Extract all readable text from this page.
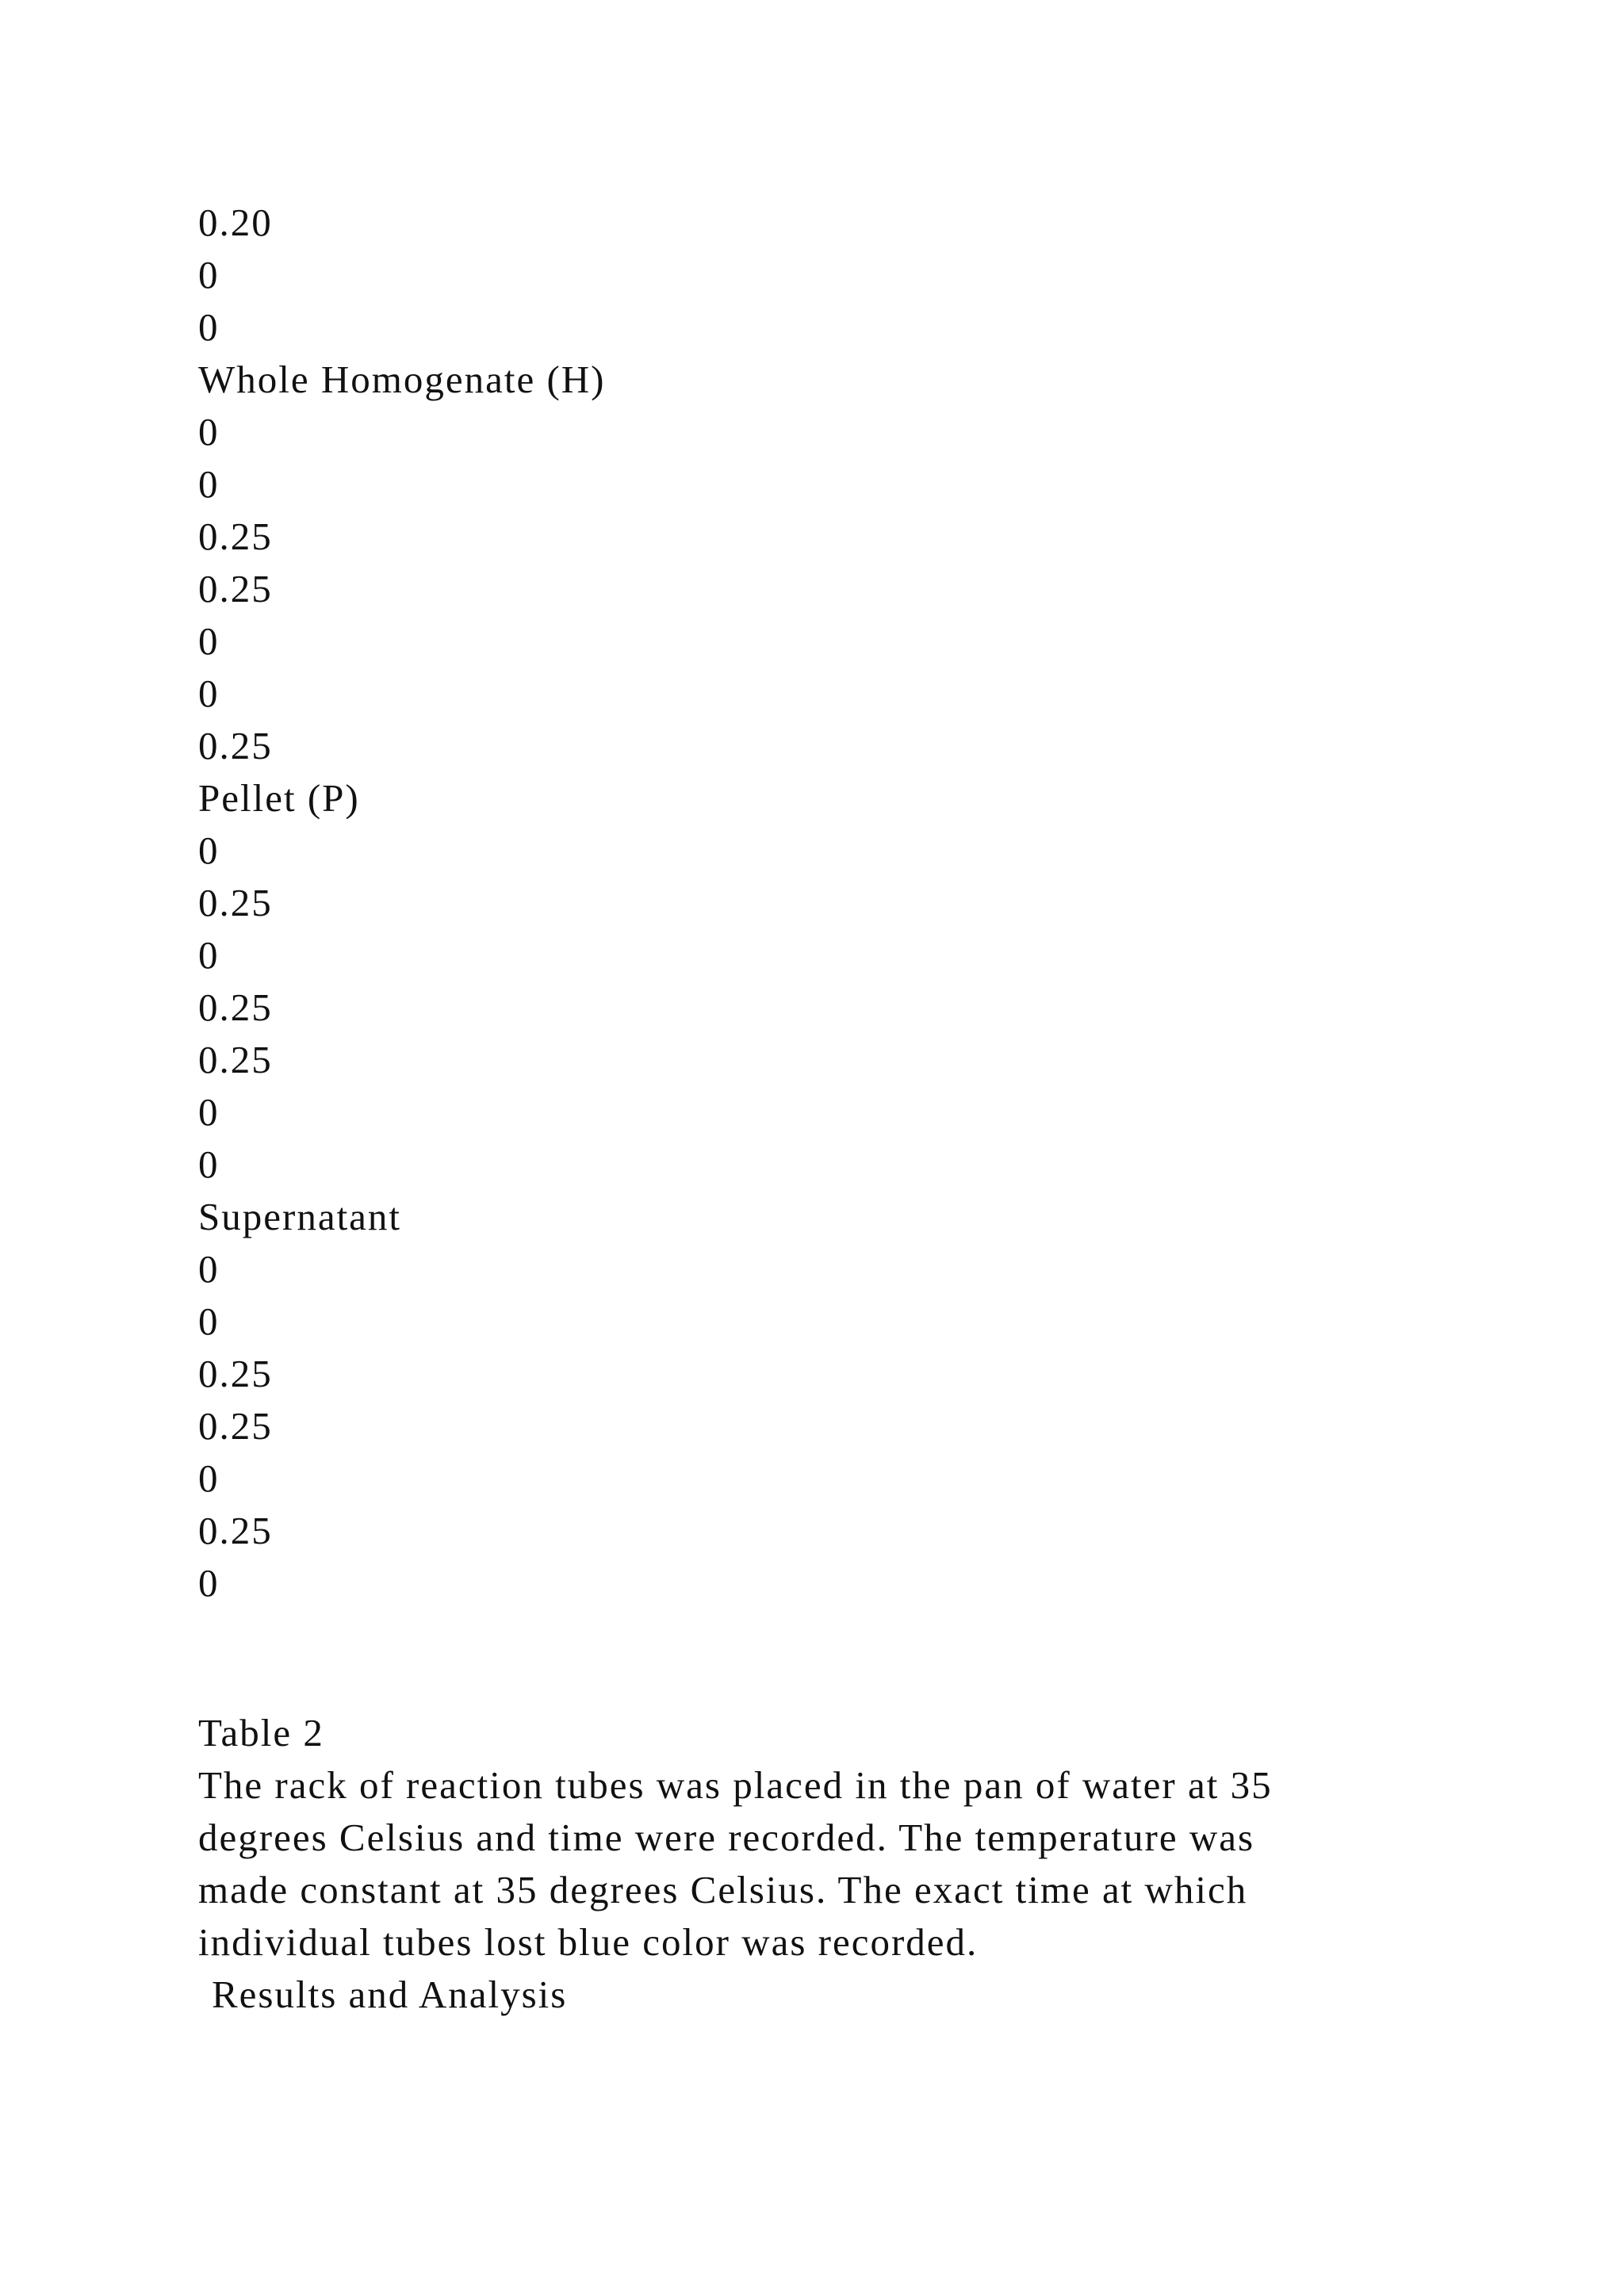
0.20
0
0
Whole Homogenate (H)
0
0
0.25
0.25
0
0
0.25
Pellet (P)
0
0.25
0
0.25
0.25
0
0
Supernatant
0
0
0.25
0.25
0
0.25
0
Table 2
The rack of reaction tubes was placed in the pan of water at 35
degrees Celsius and time were recorded. The temperature was
made constant at 35 degrees Celsius. The exact time at which
individual tubes lost blue color was recorded.
Results and Analysis
